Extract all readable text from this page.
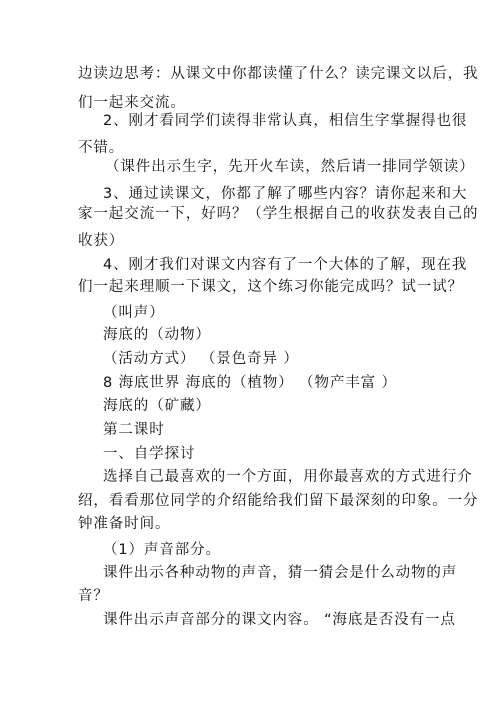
边读边思考：从课文中你都读懂了什么？读完课文以后，我
们一起来交流。
2、刚才看同学们读得非常认真，相信生字掌握得也很
不错。
（课件出示生字，先开火车读，然后请一排同学领读）
3、通过读课文，你都了解了哪些内容？请你起来和大
家一起交流一下，好吗？（学生根据自己的收获发表自己的
收获）
4、刚才我们对课文内容有了一个大体的了解，现在我
们一起来理顺一下课文，这个练习你能完成吗？试一试？
（叫声）
海底的（动物）
（活动方式） （景色奇异 ）
8 海底世界 海底的（植物） （物产丰富 ）
海底的（矿藏）
第二课时
一、自学探讨
选择自己最喜欢的一个方面，用你最喜欢的方式进行介
绍，看看那位同学的介绍能给我们留下最深刻的印象。一分
钟准备时间。
（1）声音部分。
课件出示各种动物的声音，猜一猜会是什么动物的声
音？
课件出示声音部分的课文内容。 “海底是否没有一点
